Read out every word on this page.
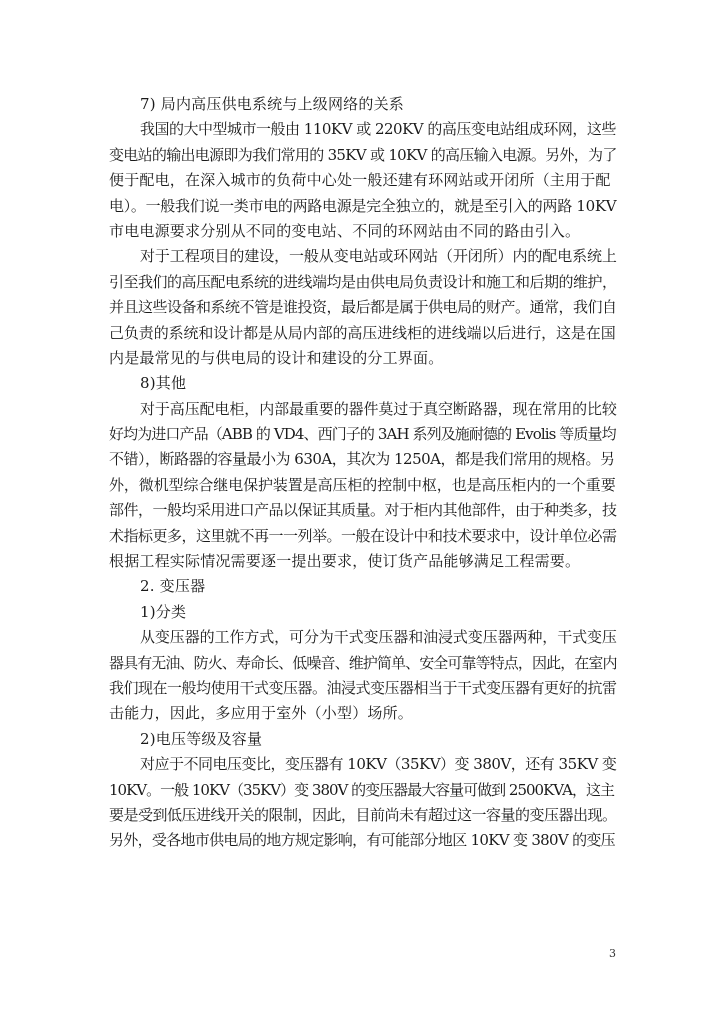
7) 局内高压供电系统与上级网络的关系
我国的大中型城市一般由 110KV 或 220KV 的高压变电站组成环网，这些
变电站的输出电源即为我们常用的 35KV 或 10KV 的高压输入电源。另外，为了
便于配电，在深入城市的负荷中心处一般还建有环网站或开闭所（主用于配
电）。一般我们说一类市电的两路电源是完全独立的，就是至引入的两路 10KV
市电电源要求分别从不同的变电站、不同的环网站由不同的路由引入。
对于工程项目的建设，一般从变电站或环网站（开闭所）内的配电系统上
引至我们的高压配电系统的进线端均是由供电局负责设计和施工和后期的维护，
并且这些设备和系统不管是谁投资，最后都是属于供电局的财产。通常，我们自
己负责的系统和设计都是从局内部的高压进线柜的进线端以后进行，这是在国
内是最常见的与供电局的设计和建设的分工界面。
8)其他
对于高压配电柜，内部最重要的器件莫过于真空断路器，现在常用的比较
好均为进口产品（ABB 的 VD4、西门子的 3AH 系列及施耐德的 Evolis 等质量均
不错），断路器的容量最小为 630A，其次为 1250A，都是我们常用的规格。另
外，微机型综合继电保护装置是高压柜的控制中枢，也是高压柜内的一个重要
部件，一般均采用进口产品以保证其质量。对于柜内其他部件，由于种类多，技
术指标更多，这里就不再一一列举。一般在设计中和技术要求中，设计单位必需
根据工程实际情况需要逐一提出要求，使订货产品能够满足工程需要。
2. 变压器
1)分类
从变压器的工作方式，可分为干式变压器和油浸式变压器两种，干式变压
器具有无油、防火、寿命长、低噪音、维护简单、安全可靠等特点，因此，在室内
我们现在一般均使用干式变压器。油浸式变压器相当于干式变压器有更好的抗雷
击能力，因此，多应用于室外（小型）场所。
2)电压等级及容量
对应于不同电压变比，变压器有 10KV（35KV）变 380V，还有 35KV 变
10KV。一般 10KV（35KV）变 380V 的变压器最大容量可做到 2500KVA，这主
要是受到低压进线开关的限制，因此，目前尚未有超过这一容量的变压器出现。
另外，受各地市供电局的地方规定影响，有可能部分地区 10KV 变 380V 的变压
3
